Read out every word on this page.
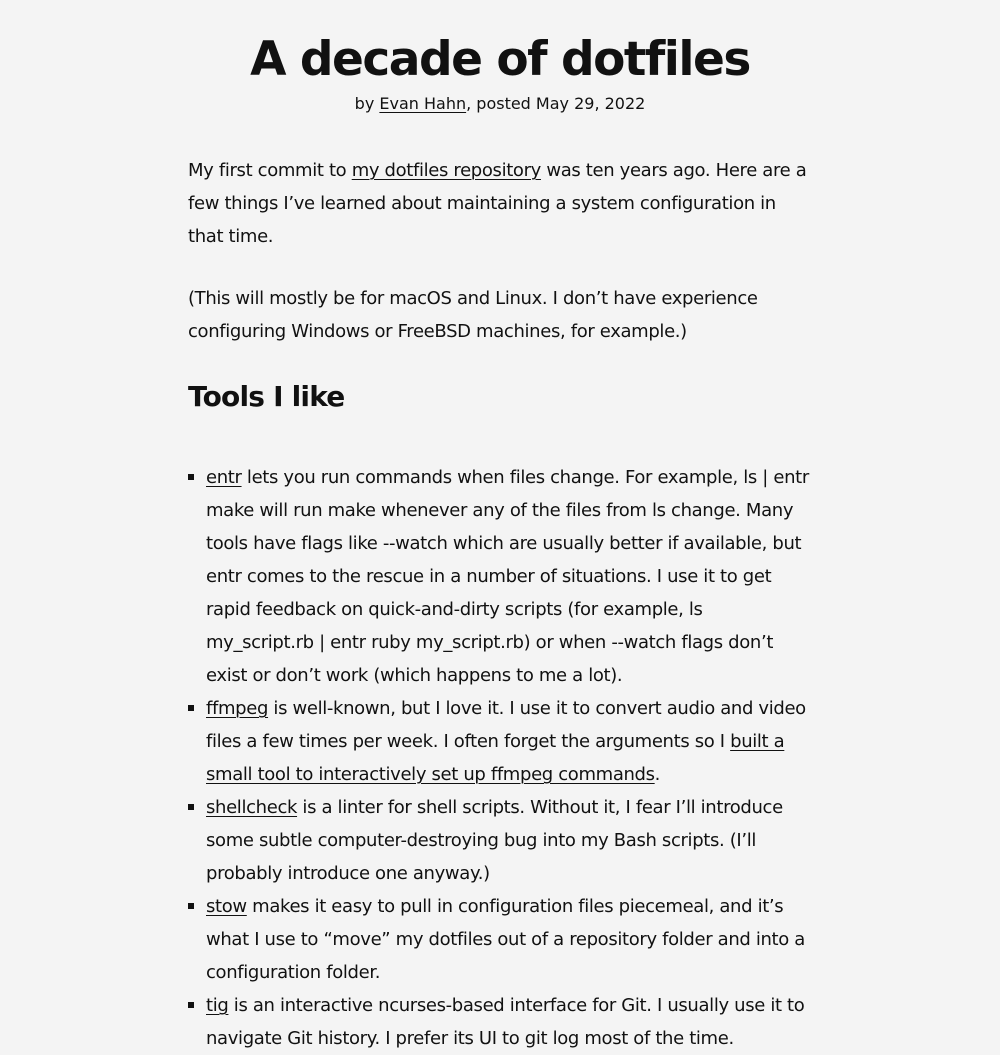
A decade of dotfiles
by Evan Hahn, posted May 29, 2022

My first commit to my dotfiles repository was ten years ago. Here are a few things I’ve learned about maintaining a system configuration in that time.

(This will mostly be for macOS and Linux. I don’t have experience configuring Windows or FreeBSD machines, for example.)

Tools I like
entr lets you run commands when files change. For example, ls | entr make will run make whenever any of the files from ls change. Many tools have flags like --watch which are usually better if available, but entr comes to the rescue in a number of situations. I use it to get rapid feedback on quick-and-dirty scripts (for example, ls my_script.rb | entr ruby my_script.rb) or when --watch flags don’t exist or don’t work (which happens to me a lot).
ffmpeg is well-known, but I love it. I use it to convert audio and video files a few times per week. I often forget the arguments so I built a small tool to interactively set up ffmpeg commands.
shellcheck is a linter for shell scripts. Without it, I fear I’ll introduce some subtle computer-destroying bug into my Bash scripts. (I’ll probably introduce one anyway.)
stow makes it easy to pull in configuration files piecemeal, and it’s what I use to “move” my dotfiles out of a repository folder and into a configuration folder.
tig is an interactive ncurses-based interface for Git. I usually use it to navigate Git history. I prefer its UI to git log most of the time.
